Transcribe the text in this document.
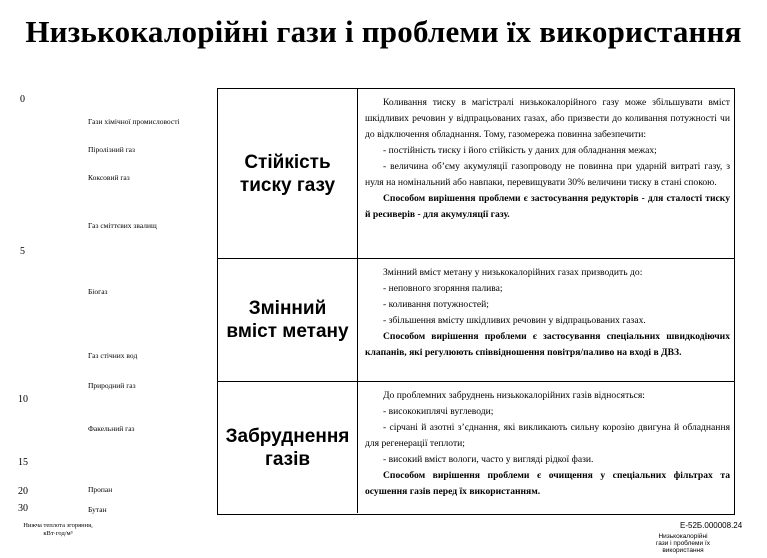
Низькокалорійні гази і проблеми їх використання
0
5
10
15
20
30
Гази хімічної промисловості
Піролізний газ
Коксовий газ
Газ сміттєвих звалищ
Біогаз
Газ стічних вод
Природний газ
Факельний газ
Пропан
Бутан
Нижча теплота згоряння,
кВт·год/м³
Стійкість тиску газу

Коливання тиску в магістралі низькокалорійного газу може збільшувати вміст шкідливих речовин у відпрацьованих газах, або призвести до коливання потужності чи до відключення обладнання. Тому, газомережа повинна забезпечити:

- постійність тиску і його стійкість у даних для обладнання межах;

- величина об’єму акумуляції газопроводу не повинна при ударній витраті газу, з нуля на номінальний або навпаки, перевищувати 30% величини тиску в стані спокою.

Способом вирішення проблеми є застосування редукторів - для сталості тиску й ресиверів - для акумуляції газу.

Змінний вміст метану

Змінний вміст метану у низькокалорійних газах призводить до:

- неповного згоряння палива;

- коливання потужностей;

- збільшення вмісту шкідливих речовин у відпрацьованих газах.

Способом вирішення проблеми є застосування спеціальних швидкодіючих клапанів, які регулюють співвідношення повітря/паливо на вході в ДВЗ.

Забруднення газів

До проблемних забруднень низькокалорійних газів відносяться:

- висококиплячі вуглеводи;

- сірчані й азотні з’єднання, які викликають сильну корозію двигуна й обладнання для регенерації теплоти;

- високий вміст вологи, часто у вигляді рідкої фази.

Способом вирішення проблеми є очищення у спеціальних фільтрах та осушення газів перед їх використанням.

Е-52Б.000008.24
Низькокалорійні гази і проблеми їх використання
